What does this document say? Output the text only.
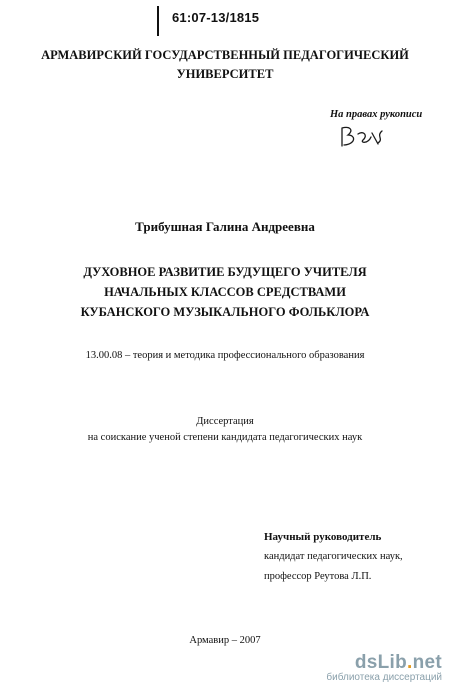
61:07-13/1815
АРМАВИРСКИЙ ГОСУДАРСТВЕННЫЙ ПЕДАГОГИЧЕСКИЙ
УНИВЕРСИТЕТ
На правах рукописи
Трибушная Галина Андреевна
ДУХОВНОЕ РАЗВИТИЕ БУДУЩЕГО УЧИТЕЛЯ
НАЧАЛЬНЫХ КЛАССОВ СРЕДСТВАМИ
КУБАНСКОГО МУЗЫКАЛЬНОГО ФОЛЬКЛОРА
13.00.08 – теория и методика профессионального образования
Диссертация
на соискание ученой степени кандидата педагогических наук
Научный руководитель
кандидат педагогических наук,
профессор Реутова Л.П.
Армавир – 2007
dsLib.net
библиотека диссертаций
